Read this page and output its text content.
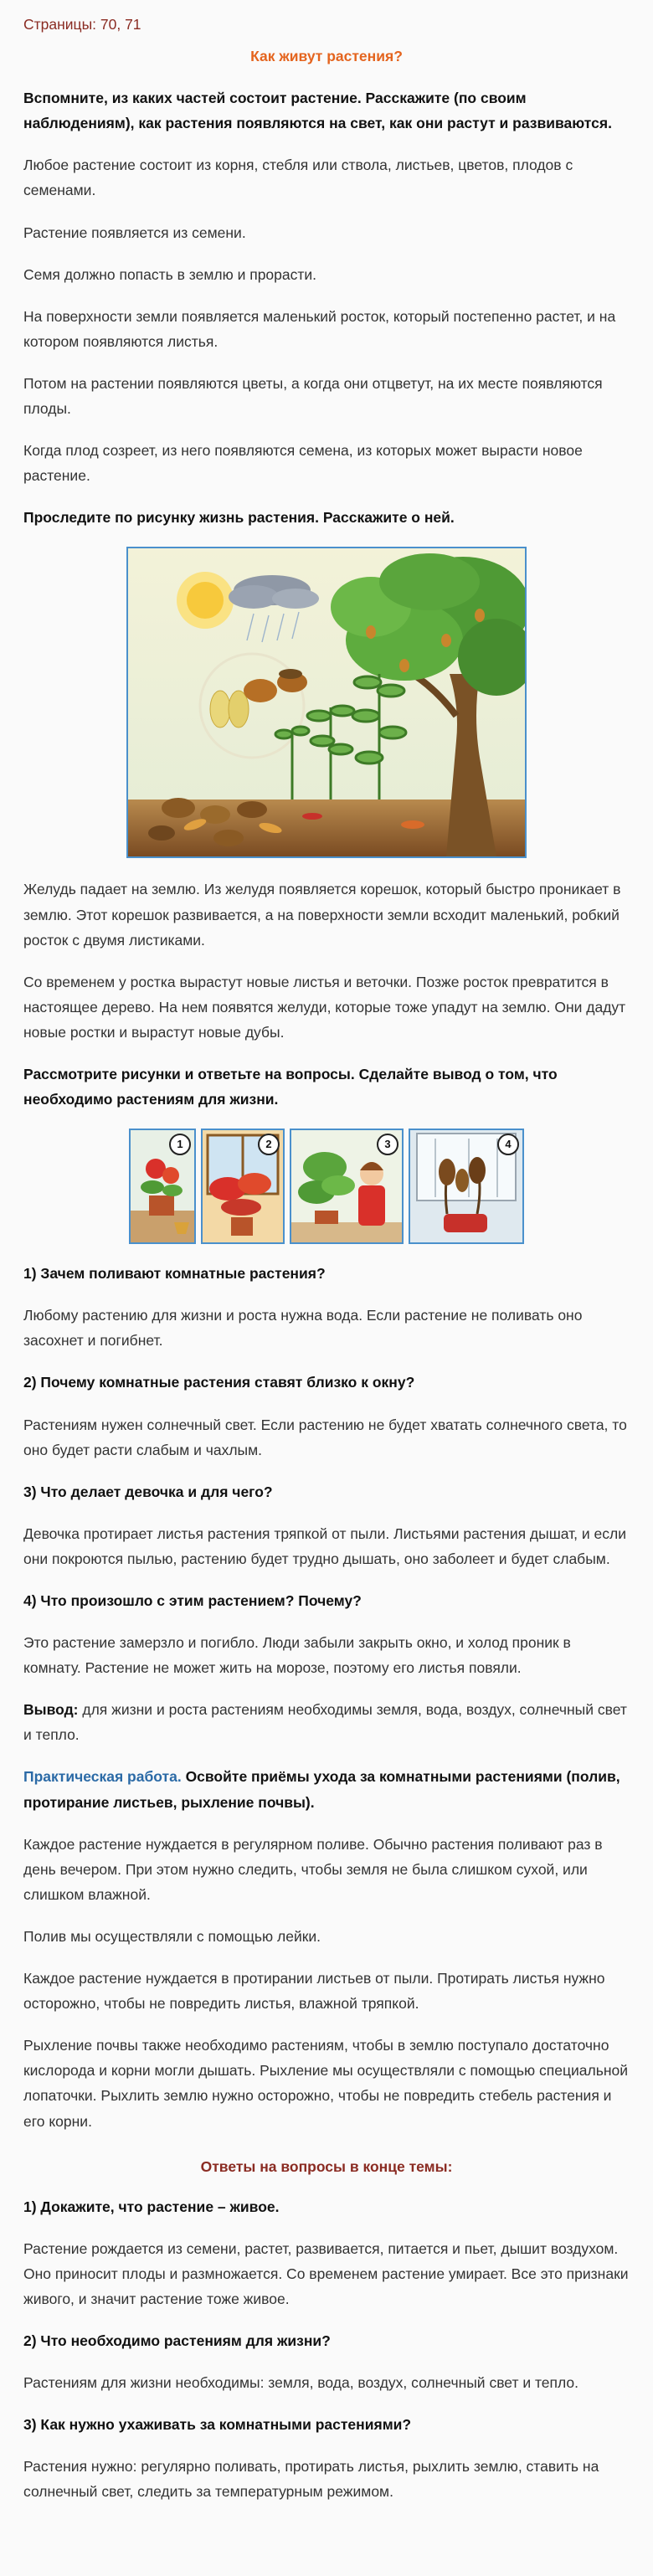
Страницы: 70, 71

Как живут растения?

Вспомните, из каких частей состоит растение. Расскажите (по своим наблюдениям), как растения появляются на свет, как они растут и развиваются.

Любое растение состоит из корня, стебля или ствола, листьев, цветов, плодов с семенами.

Растение появляется из семени.

Семя должно попасть в землю и прорасти.

На поверхности земли появляется маленький росток, который постепенно растет, и на котором появляются листья.

Потом на растении появляются цветы, а когда они отцветут, на их месте появляются плоды.

Когда плод созреет, из него появляются семена, из которых может вырасти новое растение.

Проследите по рисунку жизнь растения. Расскажите о ней.

Желудь падает на землю. Из желудя появляется корешок, который быстро проникает в землю. Этот корешок развивается, а на поверхности земли всходит маленький, робкий росток с двумя листиками.

Со временем у ростка вырастут новые листья и веточки. Позже росток превратится в настоящее дерево. На нем появятся желуди, которые тоже упадут на землю. Они дадут новые ростки и вырастут новые дубы.

Рассмотрите рисунки и ответьте на вопросы. Сделайте вывод о том, что необходимо растениям для жизни.

1	2	3	4

1) Зачем поливают комнатные растения?

Любому растению для жизни и роста нужна вода. Если растение не поливать оно засохнет и погибнет.

2) Почему комнатные растения ставят близко к окну?

Растениям нужен солнечный свет. Если растению не будет хватать солнечного света, то оно будет расти слабым и чахлым.

3) Что делает девочка и для чего?

Девочка протирает листья растения тряпкой от пыли. Листьями растения дышат, и если они покроются пылью, растению будет трудно дышать, оно заболеет и будет слабым.

4) Что произошло с этим растением? Почему?

Это растение замерзло и погибло. Люди забыли закрыть окно, и холод проник в комнату. Растение не может жить на морозе, поэтому его листья повяли.

Вывод: для жизни и роста растениям необходимы земля, вода, воздух, солнечный свет и тепло.

Практическая работа. Освойте приёмы ухода за комнатными растениями (полив, протирание листьев, рыхление почвы).

Каждое растение нуждается в регулярном поливе. Обычно растения поливают раз в день вечером. При этом нужно следить, чтобы земля не была слишком сухой, или слишком влажной.

Полив мы осуществляли с помощью лейки.

Каждое растение нуждается в протирании листьев от пыли. Протирать листья нужно осторожно, чтобы не повредить листья, влажной тряпкой.

Рыхление почвы также необходимо растениям, чтобы в землю поступало достаточно кислорода и корни могли дышать. Рыхление мы осуществляли с помощью специальной лопаточки. Рыхлить землю нужно осторожно, чтобы не повредить стебель растения и его корни.

Ответы на вопросы в конце темы:

1) Докажите, что растение – живое.

Растение рождается из семени, растет, развивается, питается и пьет, дышит воздухом. Оно приносит плоды и размножается. Со временем растение умирает. Все это признаки живого, и значит растение тоже живое.

2) Что необходимо растениям для жизни?

Растениям для жизни необходимы: земля, вода, воздух, солнечный свет и тепло.

3) Как нужно ухаживать за комнатными растениями?

Растения нужно: регулярно поливать, протирать листья, рыхлить землю, ставить на солнечный свет, следить за температурным режимом.
